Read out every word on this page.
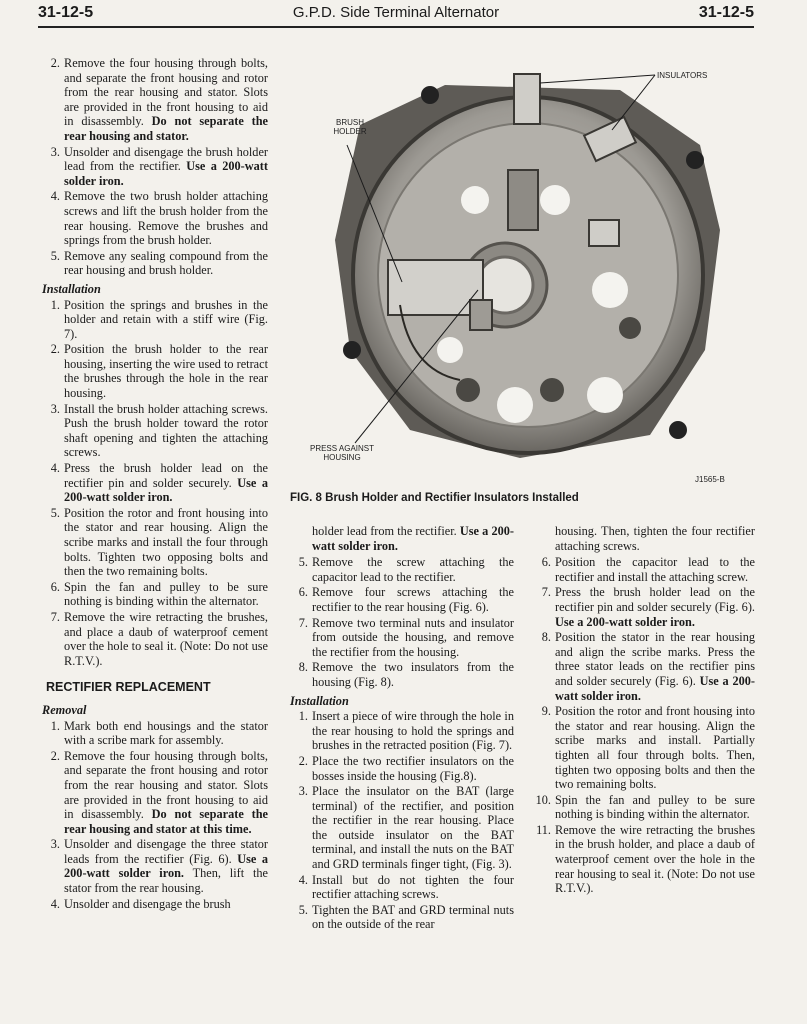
31-12-5	G.P.D. Side Terminal Alternator	31-12-5
2 . Remove the four housing through bolts, and separate the front housing and rotor from the rear housing and stator. Slots are provided in the front housing to aid in disassembly. Do not separate the rear housing and stator.
3 . Unsolder and disengage the brush holder lead from the rectifier. Use a 200-watt solder iron.
4 . Remove the two brush holder attaching screws and lift the brush holder from the rear housing. Remove the brushes and springs from the brush holder.
5 . Remove any sealing compound from the rear housing and brush holder.
Installation
1 . Position the springs and brushes in the holder and retain with a stiff wire (Fig. 7).
2 . Position the brush holder to the rear housing, inserting the wire used to retract the brushes through the hole in the rear housing.
3 . Install the brush holder attaching screws. Push the brush holder toward the rotor shaft opening and tighten the attaching screws.
4 . Press the brush holder lead on the rectifier pin and solder securely. Use a 200-watt solder iron.
5 . Position the rotor and front housing into the stator and rear housing. Align the scribe marks and install the four through bolts. Tighten two opposing bolts and then the two remaining bolts.
6 . Spin the fan and pulley to be sure nothing is binding within the alternator.
7 . Remove the wire retracting the brushes, and place a daub of waterproof cement over the hole to seal it. (Note: Do not use R.T.V.).
RECTIFIER REPLACEMENT
Removal
1 . Mark both end housings and the stator with a scribe mark for assembly.
2 . Remove the four housing through bolts, and separate the front housing and rotor from the rear housing and stator. Slots are provided in the front housing to aid in disassembly. Do not separate the rear housing and stator at this time.
3 . Unsolder and disengage the three stator leads from the rectifier (Fig. 6). Use a 200-watt solder iron. Then, lift the stator from the rear housing.
4 . Unsolder and disengage the brush
INSULATORS
BRUSH
HOLDER
PRESS AGAINST
HOUSING
J1565-B
FIG. 8 Brush Holder and Rectifier Insulators Installed
holder lead from the rectifier. Use a 200-watt solder iron.
5 . Remove the screw attaching the capacitor lead to the rectifier.
6 . Remove four screws attaching the rectifier to the rear housing (Fig. 6).
7 . Remove two terminal nuts and insulator from outside the housing, and remove the rectifier from the housing.
8 . Remove the two insulators from the housing (Fig. 8).
Installation
1 . Insert a piece of wire through the hole in the rear housing to hold the springs and brushes in the retracted position (Fig. 7).
2 . Place the two rectifier insulators on the bosses inside the housing (Fig.8).
3 . Place the insulator on the BAT (large terminal) of the rectifier, and position the rectifier in the rear housing. Place the outside insulator on the BAT terminal, and install the nuts on the BAT and GRD terminals finger tight, (Fig. 3).
4 . Install but do not tighten the four rectifier attaching screws.
5 . Tighten the BAT and GRD terminal nuts on the outside of the rear
housing. Then, tighten the four rectifier attaching screws.
6 . Position the capacitor lead to the rectifier and install the attaching screw.
7 . Press the brush holder lead on the rectifier pin and solder securely (Fig. 6). Use a 200-watt solder iron.
8 . Position the stator in the rear housing and align the scribe marks. Press the three stator leads on the rectifier pins and solder securely (Fig. 6). Use a 200-watt solder iron.
9 . Position the rotor and front housing into the stator and rear housing. Align the scribe marks and install. Partially tighten all four through bolts. Then, tighten two opposing bolts and then the two remaining bolts.
10 . Spin the fan and pulley to be sure nothing is binding within the alternator.
11 . Remove the wire retracting the brushes in the brush holder, and place a daub of waterproof cement over the hole in the rear housing to seal it. (Note: Do not use R.T.V.).
